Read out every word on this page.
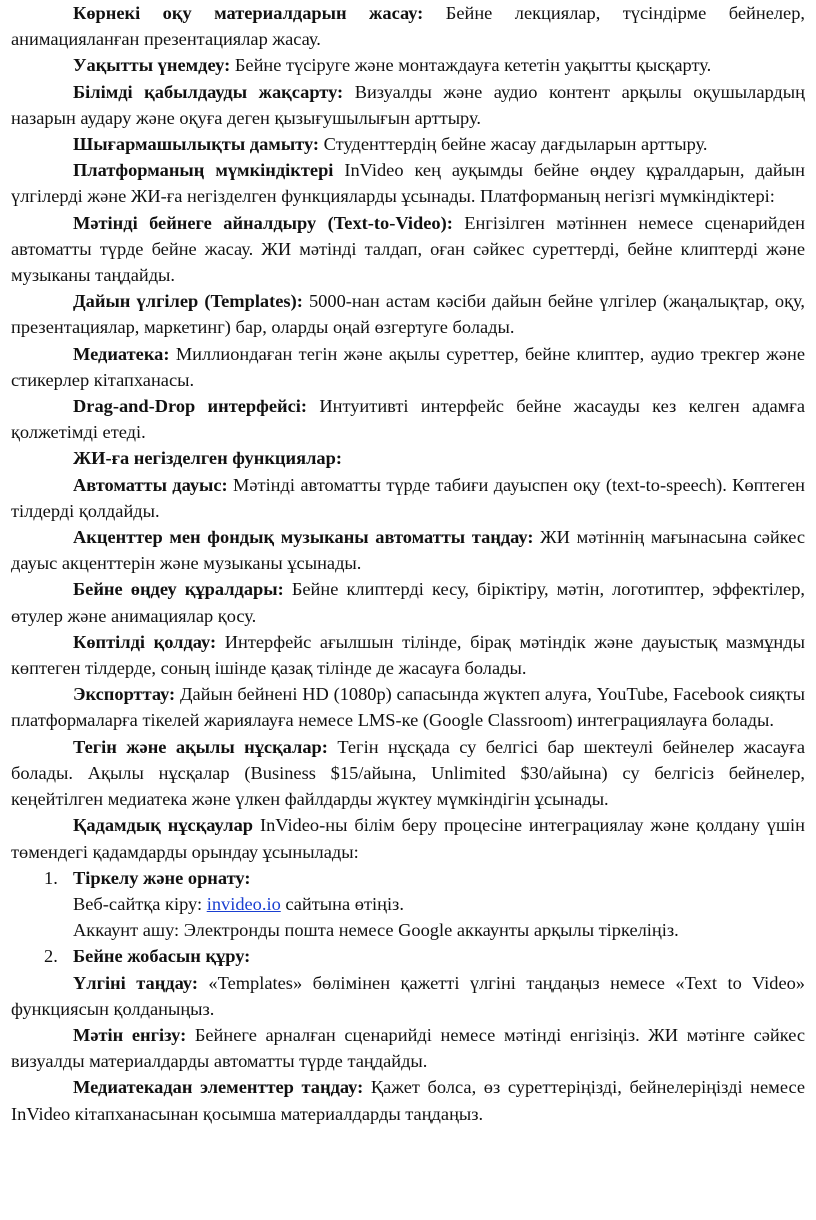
Көрнекі оқу материалдарын жасау: Бейне лекциялар, түсіндірме бейнелер, анимацияланған презентациялар жасау.

Уақытты үнемдеу: Бейне түсіруге және монтаждауға кететін уақытты қысқарту.

Білімді қабылдауды жақсарту: Визуалды және аудио контент арқылы оқушылардың назарын аудару және оқуға деген қызығушылығын арттыру.

Шығармашылықты дамыту: Студенттердің бейне жасау дағдыларын арттыру.

Платформаның мүмкіндіктері InVideo кең ауқымды бейне өңдеу құралдарын, дайын үлгілерді және ЖИ-ға негізделген функцияларды ұсынады. Платформаның негізгі мүмкіндіктері:

Мәтінді бейнеге айналдыру (Text-to-Video): Енгізілген мәтіннен немесе сценарийден автоматты түрде бейне жасау. ЖИ мәтінді талдап, оған сәйкес суреттерді, бейне клиптерді және музыканы таңдайды.

Дайын үлгілер (Templates): 5000-нан астам кәсіби дайын бейне үлгілер (жаңалықтар, оқу, презентациялар, маркетинг) бар, оларды оңай өзгертуге болады.

Медиатека: Миллиондаған тегін және ақылы суреттер, бейне клиптер, аудио трекгер және стикерлер кітапханасы.

Drag-and-Drop интерфейсі: Интуитивті интерфейс бейне жасауды кез келген адамға қолжетімді етеді.

ЖИ-ға негізделген функциялар:

Автоматты дауыс: Мәтінді автоматты түрде табиғи дауыспен оқу (text-to-speech). Көптеген тілдерді қолдайды.

Акценттер мен фондық музыканы автоматты таңдау: ЖИ мәтіннің мағынасына сәйкес дауыс акценттерін және музыканы ұсынады.

Бейне өңдеу құралдары: Бейне клиптерді кесу, біріктіру, мәтін, логотиптер, эффектілер, өтулер және анимациялар қосу.

Көптілді қолдау: Интерфейс ағылшын тілінде, бірақ мәтіндік және дауыстық мазмұнды көптеген тілдерде, соның ішінде қазақ тілінде де жасауға болады.

Экспорттау: Дайын бейнені HD (1080p) сапасында жүктеп алуға, YouTube, Facebook сияқты платформаларға тікелей жариялауға немесе LMS-ке (Google Classroom) интеграциялауға болады.

Тегін және ақылы нұсқалар: Тегін нұсқада су белгісі бар шектеулі бейнелер жасауға болады. Ақылы нұсқалар (Business $15/айына, Unlimited $30/айына) су белгісіз бейнелер, кеңейтілген медиатека және үлкен файлдарды жүктеу мүмкіндігін ұсынады.

Қадамдық нұсқаулар InVideo-ны білім беру процесіне интеграциялау және қолдану үшін төмендегі қадамдарды орындау ұсынылады:

1. Тіркелу және орнату:

Веб-сайтқа кіру: invideo.io сайтына өтіңіз.

Аккаунт ашу: Электронды пошта немесе Google аккаунты арқылы тіркеліңіз.

2. Бейне жобасын құру:

Үлгіні таңдау: «Templates» бөлімінен қажетті үлгіні таңдаңыз немесе «Text to Video» функциясын қолданыңыз.

Мәтін енгізу: Бейнеге арналған сценарийді немесе мәтінді енгізіңіз. ЖИ мәтінге сәйкес визуалды материалдарды автоматты түрде таңдайды.

Медиатекадан элементтер таңдау: Қажет болса, өз суреттеріңізді, бейнелеріңізді немесе InVideo кітапханасынан қосымша материалдарды таңдаңыз.
